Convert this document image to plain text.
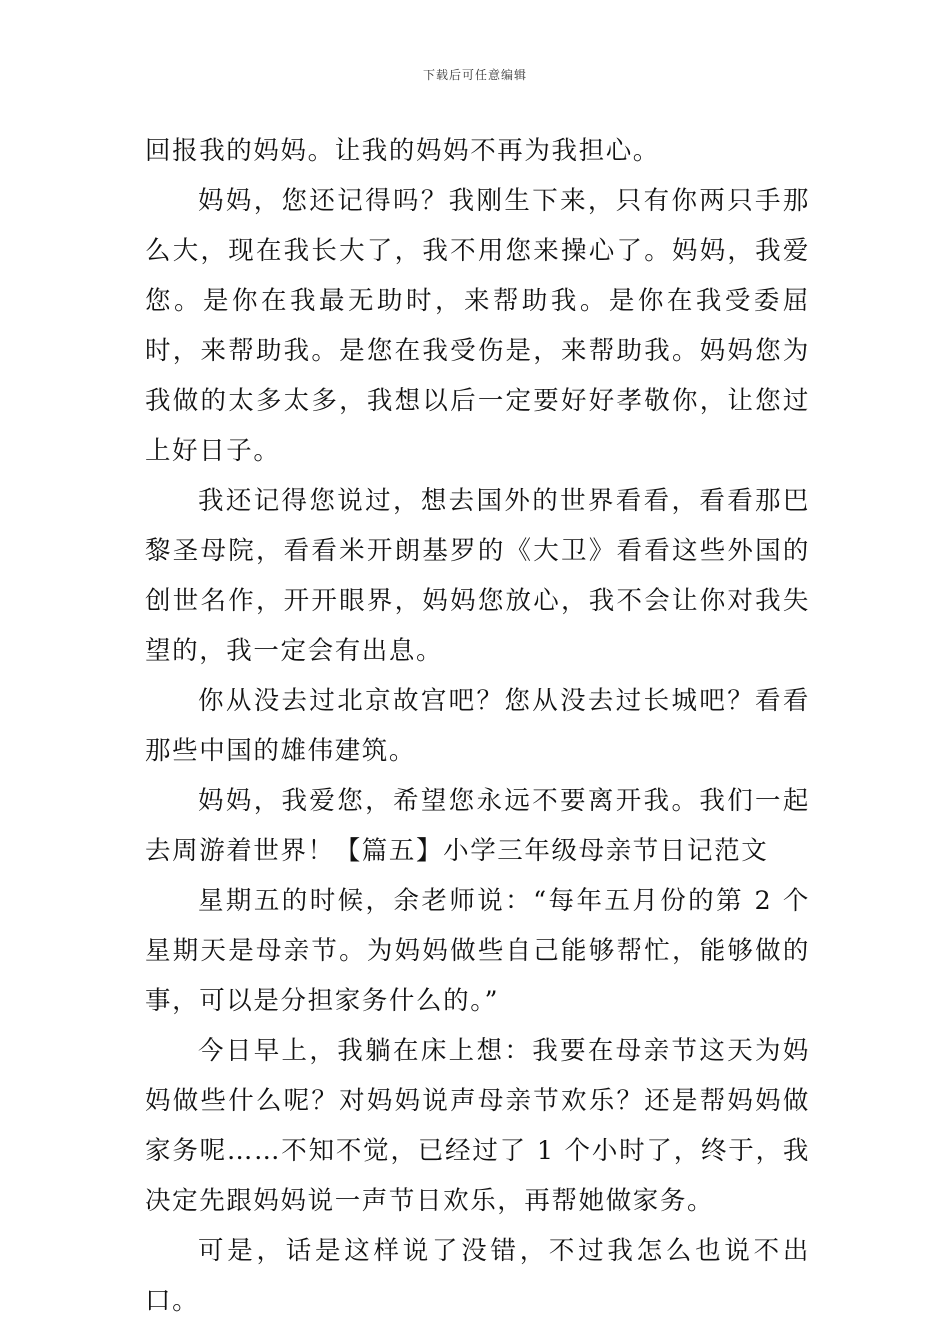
下载后可任意编辑

回报我的妈妈。让我的妈妈不再为我担心。

妈妈，您还记得吗？我刚生下来，只有你两只手那么大，现在我长大了，我不用您来操心了。妈妈，我爱您。是你在我最无助时，来帮助我。是你在我受委屈时，来帮助我。是您在我受伤是，来帮助我。妈妈您为我做的太多太多，我想以后一定要好好孝敬你，让您过上好日子。

我还记得您说过，想去国外的世界看看，看看那巴黎圣母院，看看米开朗基罗的《大卫》看看这些外国的创世名作，开开眼界，妈妈您放心，我不会让你对我失望的，我一定会有出息。

你从没去过北京故宫吧？您从没去过长城吧？看看那些中国的雄伟建筑。

妈妈，我爱您，希望您永远不要离开我。我们一起去周游着世界！【篇五】小学三年级母亲节日记范文

星期五的时候，余老师说：“每年五月份的第 2 个星期天是母亲节。为妈妈做些自己能够帮忙，能够做的事，可以是分担家务什么的。”

今日早上，我躺在床上想：我要在母亲节这天为妈妈做些什么呢？对妈妈说声母亲节欢乐？还是帮妈妈做家务呢……不知不觉，已经过了 1 个小时了，终于，我决定先跟妈妈说一声节日欢乐，再帮她做家务。

可是，话是这样说了没错，不过我怎么也说不出口。
